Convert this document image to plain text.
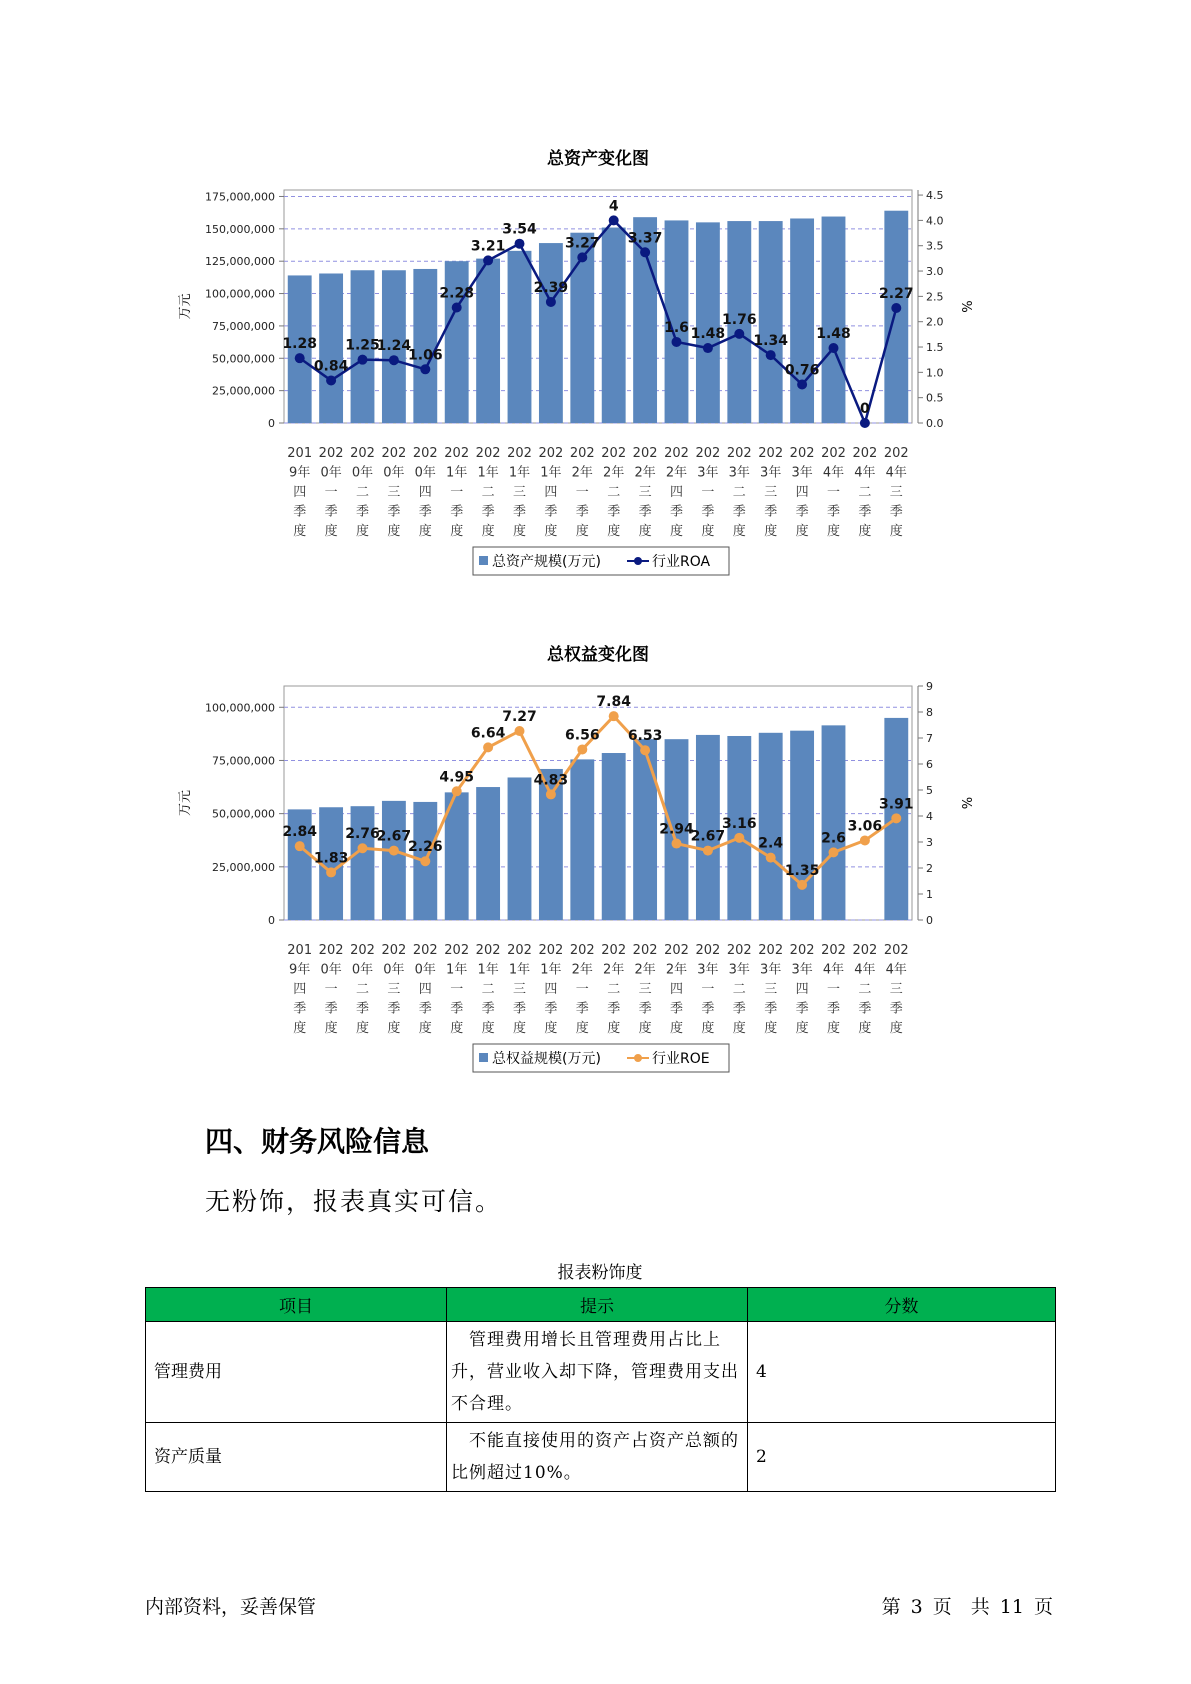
总资产变化图
0
25,000,000
50,000,000
75,000,000
100,000,000
125,000,000
150,000,000
175,000,000
0.0
0.5
1.0
1.5
2.0
2.5
3.0
3.5
4.0
4.5
万元	%
201
9年
四
季
度
202
0年
一
季
度
202
0年
二
季
度
202
0年
三
季
度
202
0年
四
季
度
202
1年
一
季
度
202
1年
二
季
度
202
1年
三
季
度
202
1年
四
季
度
202
2年
一
季
度
202
2年
二
季
度
202
2年
三
季
度
202
2年
四
季
度
202
3年
一
季
度
202
3年
二
季
度
202
3年
三
季
度
202
3年
四
季
度
202
4年
一
季
度
202
4年
二
季
度
202
4年
三
季
度
1.28
0.84
1.25
1.24
1.06
2.28
3.21
3.54
2.39
3.27
4
3.37
1.6 1.48
1.76
1.34
0.76
1.48
0
2.27
总资产规模(万元)	行业ROA
总权益变化图
0
25,000,000
50,000,000
75,000,000
100,000,000
0
1
2
3
4
5
6
7
8
9
万元	%
201
9年
四
季
度
202
0年
一
季
度
202
0年
二
季
度
202
0年
三
季
度
202
0年
四
季
度
202
1年
一
季
度
202
1年
二
季
度
202
1年
三
季
度
202
1年
四
季
度
202
2年
一
季
度
202
2年
二
季
度
202
2年
三
季
度
202
2年
四
季
度
202
3年
一
季
度
202
3年
二
季
度
202
3年
三
季
度
202
3年
四
季
度
202
4年
一
季
度
202
4年
二
季
度
202
4年
三
季
度
2.84
1.83
2.76
2.67
2.26
4.95
6.64
7.27
4.83
6.56
7.84
6.53
2.94
2.67
3.16
2.4
1.35
2.6
3.06
3.91
总权益规模(万元)	行业ROE
四、财务风险信息

无粉饰，报表真实可信。

报表粉饰度

项目	提示	分数
管理费用	　管理费用增长且管理费用占比上升，营业收入却下降，管理费用支出不合理。	4
资产质量	　不能直接使用的资产占资产总额的比例超过10%。	2

内部资料，妥善保管	第 3 页　共 11 页
